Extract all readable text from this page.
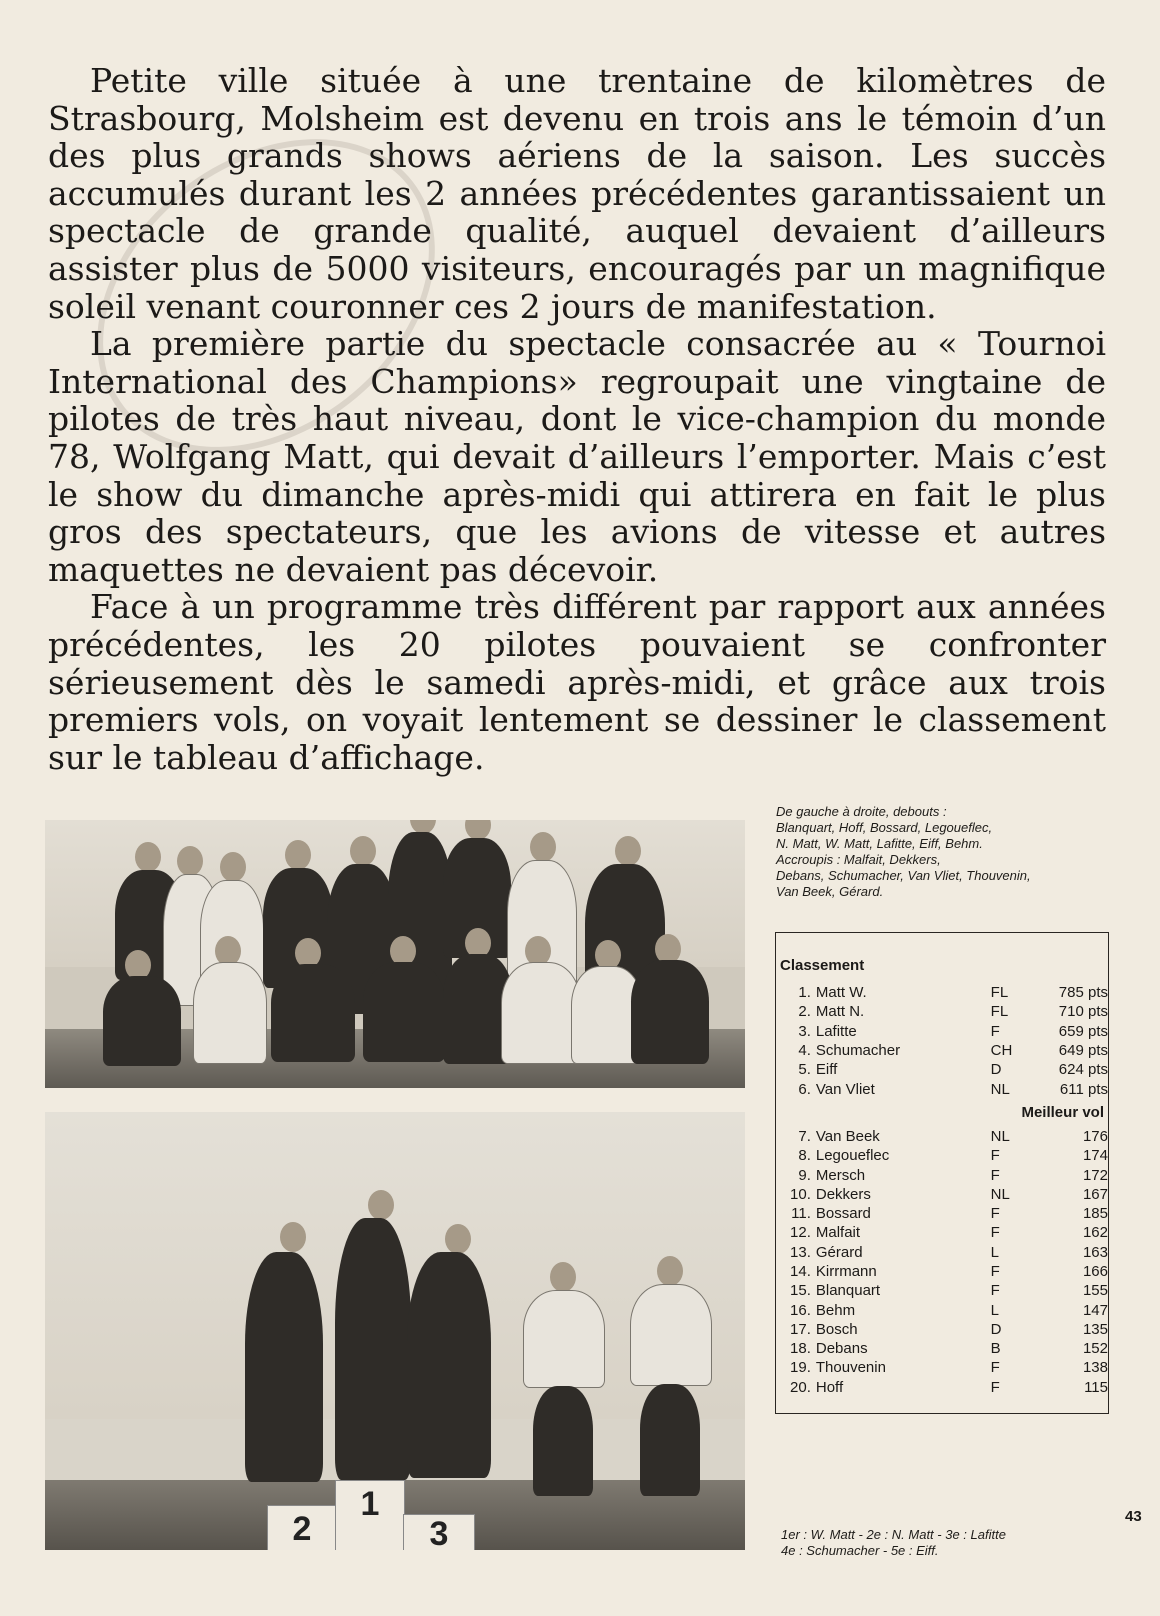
Petite ville située à une trentaine de kilomètres de Strasbourg, Molsheim est devenu en trois ans le témoin d’un des plus grands shows aériens de la saison. Les succès accumulés durant les 2 années précédentes garantissaient un spectacle de grande qualité, auquel devaient d’ailleurs assister plus de 5000 visiteurs, encouragés par un magnifique soleil venant couronner ces 2 jours de manifestation.

La première partie du spectacle consacrée au « Tournoi International des Champions» regroupait une vingtaine de pilotes de très haut niveau, dont le vice-champion du monde 78, Wolfgang Matt, qui devait d’ailleurs l’emporter. Mais c’est le show du dimanche après-midi qui attirera en fait le plus gros des spectateurs, que les avions de vitesse et autres maquettes ne devaient pas décevoir.

Face à un programme très différent par rapport aux années précédentes, les 20 pilotes pouvaient se confronter sérieusement dès le samedi après-midi, et grâce aux trois premiers vols, on voyait lentement se dessiner le classement sur le tableau d’affichage.

De gauche à droite, debouts :

Blanquart, Hoff, Bossard, Legoueflec,

N. Matt, W. Matt, Lafitte, Eiff, Behm.

Accroupis : Malfait, Dekkers,

Debans, Schumacher, Van Vliet, Thouvenin,

Van Beek, Gérard.

2
1
3	1er : W. Matt - 2e : N. Matt - 3e : Lafitte

4e : Schumacher - 5e : Eiff.

Classement
1.	Matt W.	FL	785 pts
2.	Matt N.	FL	710 pts
3.	Lafitte	F	659 pts
4.	Schumacher	CH	649 pts
5.	Eiff	D	624 pts
6.	Van Vliet	NL	611 pts
Meilleur vol			
7.	Van Beek	NL	176
8.	Legoueflec	F	174
9.	Mersch	F	172
10.	Dekkers	NL	167
11.	Bossard	F	185
12.	Malfait	F	162
13.	Gérard	L	163
14.	Kirrmann	F	166
15.	Blanquart	F	155
16.	Behm	L	147
17.	Bosch	D	135
18.	Debans	B	152
19.	Thouvenin	F	138
20.	Hoff	F	115
43
